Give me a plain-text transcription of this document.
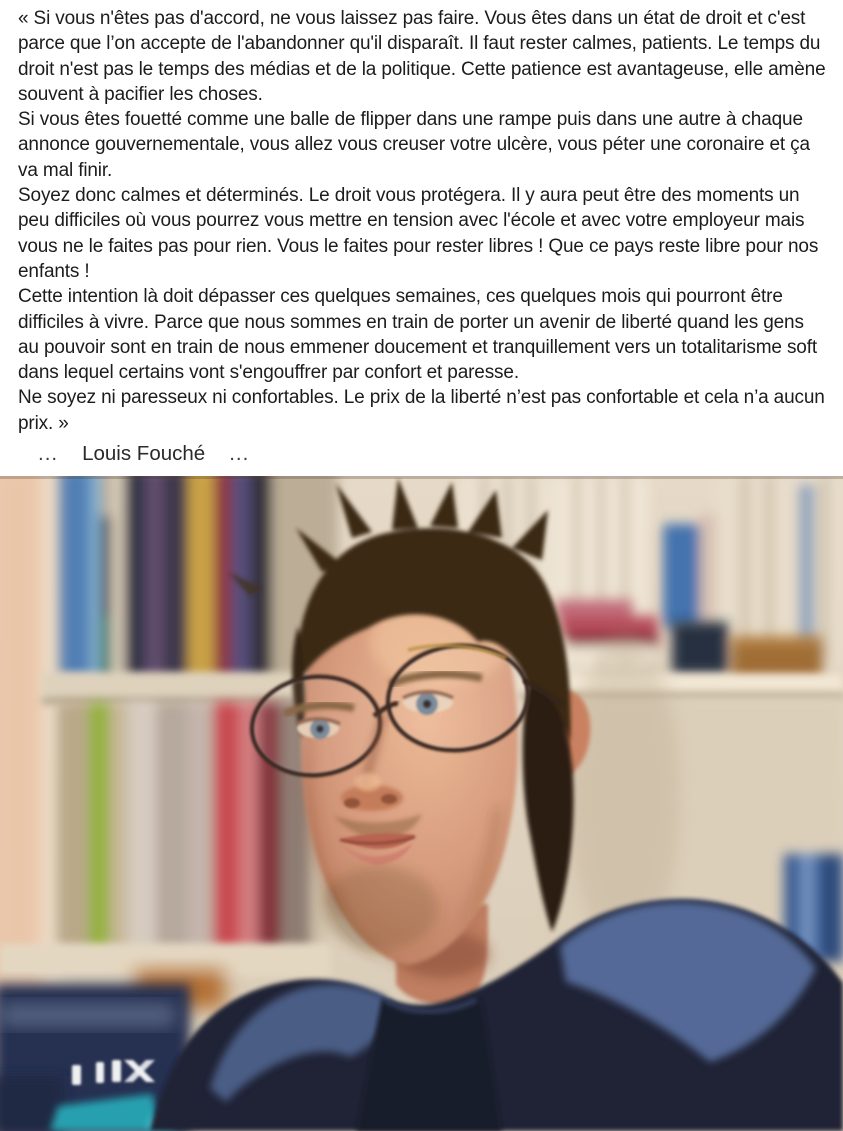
« Si vous n'êtes pas d'accord, ne vous laissez pas faire. Vous êtes dans un état de droit et c'est parce que l’on accepte de l'abandonner qu'il disparaît. Il faut rester calmes, patients. Le temps du droit n'est pas le temps des médias et de la politique. Cette patience est avantageuse, elle amène souvent à pacifier les choses.

Si vous êtes fouetté comme une balle de flipper dans une rampe puis dans une autre à chaque annonce gouvernementale, vous allez vous creuser votre ulcère, vous péter une coronaire et ça va mal finir.

Soyez donc calmes et déterminés. Le droit vous protégera. Il y aura peut être des moments un peu difficiles où vous pourrez vous mettre en tension avec l'école et avec votre employeur mais vous ne le faites pas pour rien. Vous le faites pour rester libres ! Que ce pays reste libre pour nos enfants !

Cette intention là doit dépasser ces quelques semaines, ces quelques mois qui pourront être difficiles à vivre. Parce que nous sommes en train de porter un avenir de liberté quand les gens au pouvoir sont en train de nous emmener doucement et tranquillement vers un totalitarisme soft dans lequel certains vont s'engouffrer par confort et paresse.

Ne soyez ni paresseux ni confortables. Le prix de la liberté n’est pas confortable et cela n’a aucun prix. »

... Louis Fouché ...
